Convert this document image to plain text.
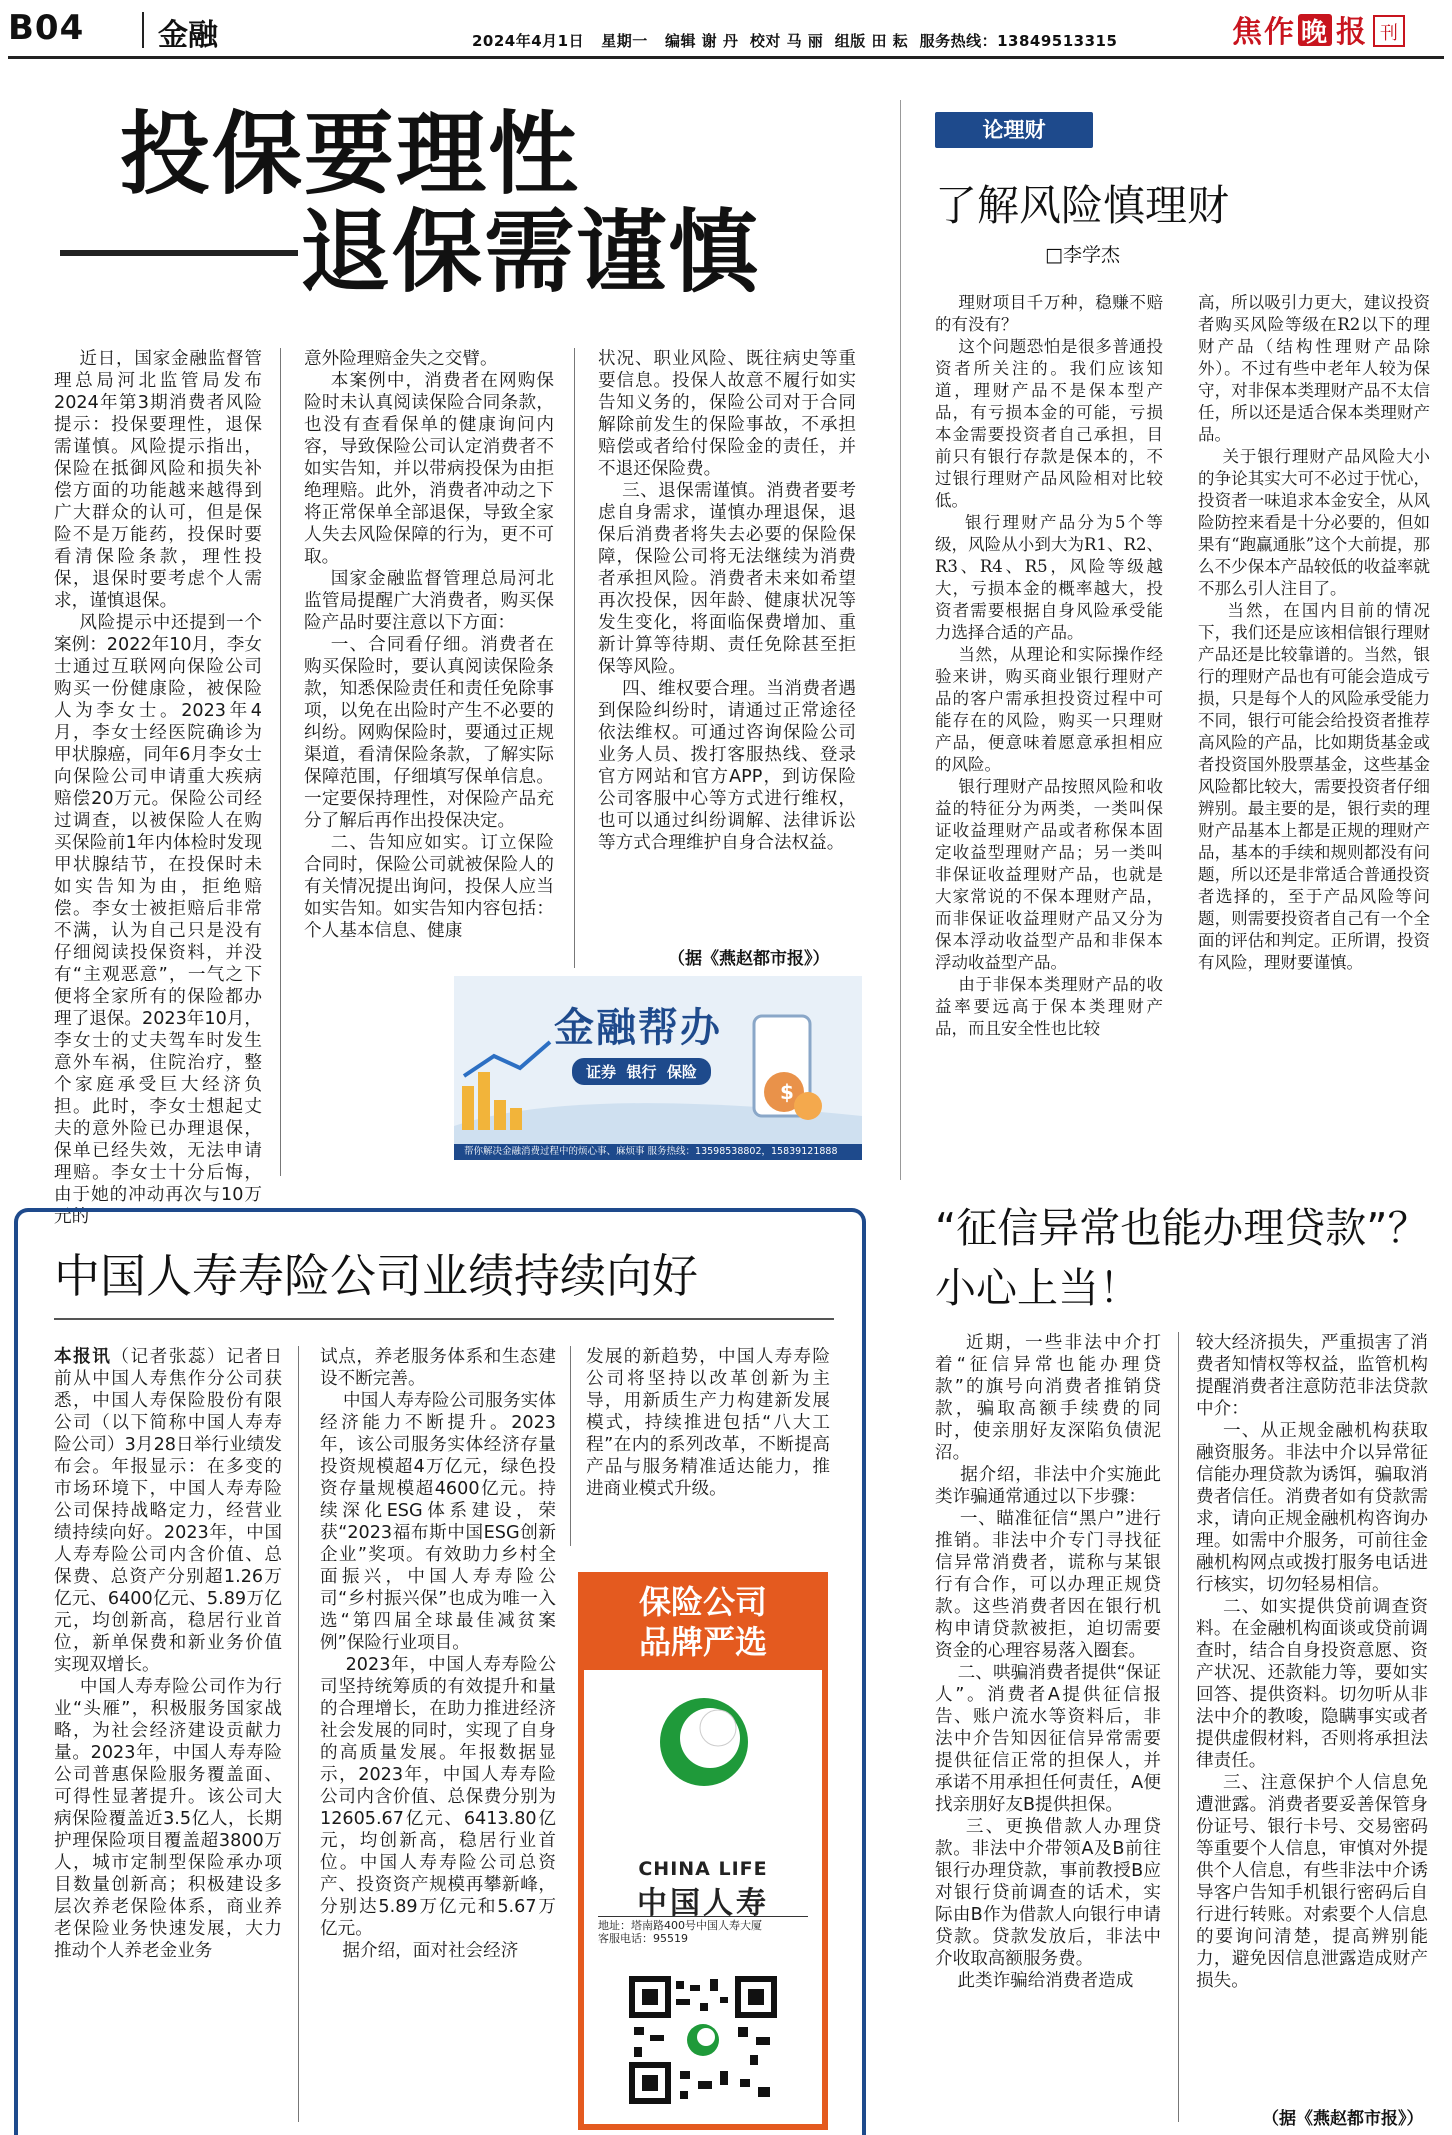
B04 金融	2024年4月1日   星期一   编辑 谢 丹  校对 马 丽  组版 田 耘  服务热线：13849513315	焦作 晚 报 刊
投保要理性
退保需谨慎
近日，国家金融监督管理总局河北监管局发布2024年第3期消费者风险提示：投保要理性，退保需谨慎。风险提示指出，保险在抵御风险和损失补偿方面的功能越来越得到广大群众的认可，但是保险不是万能药，投保时要看清保险条款，理性投保，退保时要考虑个人需求，谨慎退保。
风险提示中还提到一个案例：2022年10月，李女士通过互联网向保险公司购买一份健康险，被保险人为李女士。2023年4月，李女士经医院确诊为甲状腺癌，同年6月李女士向保险公司申请重大疾病赔偿20万元。保险公司经过调查，以被保险人在购买保险前1年内体检时发现甲状腺结节，在投保时未如实告知为由，拒绝赔偿。李女士被拒赔后非常不满，认为自己只是没有仔细阅读投保资料，并没有“主观恶意”，一气之下便将全家所有的保险都办理了退保。2023年10月，李女士的丈夫驾车时发生意外车祸，住院治疗，整个家庭承受巨大经济负担。此时，李女士想起丈夫的意外险已办理退保，保单已经失效，无法申请理赔。李女士十分后悔，由于她的冲动再次与10万元的
意外险理赔金失之交臂。
本案例中，消费者在网购保险时未认真阅读保险合同条款，也没有查看保单的健康询问内容，导致保险公司认定消费者不如实告知，并以带病投保为由拒绝理赔。此外，消费者冲动之下将正常保单全部退保，导致全家人失去风险保障的行为，更不可取。
国家金融监督管理总局河北监管局提醒广大消费者，购买保险产品时要注意以下方面：
一、合同看仔细。消费者在购买保险时，要认真阅读保险条款，知悉保险责任和责任免除事项，以免在出险时产生不必要的纠纷。网购保险时，要通过正规渠道，看清保险条款，了解实际保障范围，仔细填写保单信息。一定要保持理性，对保险产品充分了解后再作出投保决定。
二、告知应如实。订立保险合同时，保险公司就被保险人的有关情况提出询问，投保人应当如实告知。如实告知内容包括：个人基本信息、健康
状况、职业风险、既往病史等重要信息。投保人故意不履行如实告知义务的，保险公司对于合同解除前发生的保险事故，不承担赔偿或者给付保险金的责任，并不退还保险费。
三、退保需谨慎。消费者要考虑自身需求，谨慎办理退保，退保后消费者将失去必要的保险保障，保险公司将无法继续为消费者承担风险。消费者未来如希望再次投保，因年龄、健康状况等发生变化，将面临保费增加、重新计算等待期、责任免除甚至拒保等风险。
四、维权要合理。当消费者遇到保险纠纷时，请通过正常途径依法维权。可通过咨询保险公司业务人员、拨打客服热线、登录官方网站和官方APP，到访保险公司客服中心等方式进行维权，也可以通过纠纷调解、法律诉讼等方式合理维护自身合法权益。
（据《燕赵都市报》）
金融帮办
证券  银行  保险
$
帮你解决金融消费过程中的烦心事、麻烦事 服务热线：13598538802，15839121888
论理财
了解风险慎理财
□李学杰
理财项目千万种，稳赚不赔的有没有？
这个问题恐怕是很多普通投资者所关注的。我们应该知道，理财产品不是保本型产品，有亏损本金的可能，亏损本金需要投资者自己承担，目前只有银行存款是保本的，不过银行理财产品风险相对比较低。
银行理财产品分为5个等级，风险从小到大为R1、R2、R3、R4、R5，风险等级越大，亏损本金的概率越大，投资者需要根据自身风险承受能力选择合适的产品。
当然，从理论和实际操作经验来讲，购买商业银行理财产品的客户需承担投资过程中可能存在的风险，购买一只理财产品，便意味着愿意承担相应的风险。
银行理财产品按照风险和收益的特征分为两类，一类叫保证收益理财产品或者称保本固定收益型理财产品；另一类叫非保证收益理财产品，也就是大家常说的不保本理财产品，而非保证收益理财产品又分为保本浮动收益型产品和非保本浮动收益型产品。
由于非保本类理财产品的收益率要远高于保本类理财产品，而且安全性也比较
高，所以吸引力更大，建议投资者购买风险等级在R2以下的理财产品（结构性理财产品除外）。不过有些中老年人较为保守，对非保本类理财产品不太信任，所以还是适合保本类理财产品。
关于银行理财产品风险大小的争论其实大可不必过于忧心，投资者一味追求本金安全，从风险防控来看是十分必要的，但如果有“跑赢通胀”这个大前提，那么不少保本产品较低的收益率就不那么引人注目了。
当然，在国内目前的情况下，我们还是应该相信银行理财产品还是比较靠谱的。当然，银行的理财产品也有可能会造成亏损，只是每个人的风险承受能力不同，银行可能会给投资者推荐高风险的产品，比如期货基金或者投资国外股票基金，这些基金风险都比较大，需要投资者仔细辨别。最主要的是，银行卖的理财产品基本上都是正规的理财产品，基本的手续和规则都没有问题，所以还是非常适合普通投资者选择的，至于产品风险等问题，则需要投资者自己有一个全面的评估和判定。正所谓，投资有风险，理财要谨慎。
中国人寿寿险公司业绩持续向好
本报讯（记者张蕊）记者日前从中国人寿焦作分公司获悉，中国人寿保险股份有限公司（以下简称中国人寿寿险公司）3月28日举行业绩发布会。年报显示：在多变的市场环境下，中国人寿寿险公司保持战略定力，经营业绩持续向好。2023年，中国人寿寿险公司内含价值、总保费、总资产分别超1.26万亿元、6400亿元、5.89万亿元，均创新高，稳居行业首位，新单保费和新业务价值实现双增长。
中国人寿寿险公司作为行业“头雁”，积极服务国家战略，为社会经济建设贡献力量。2023年，中国人寿寿险公司普惠保险服务覆盖面、可得性显著提升。该公司大病保险覆盖近3.5亿人，长期护理保险项目覆盖超3800万人，城市定制型保险承办项目数量创新高；积极建设多层次养老保险体系，商业养老保险业务快速发展，大力推动个人养老金业务
试点，养老服务体系和生态建设不断完善。
中国人寿寿险公司服务实体经济能力不断提升。2023年，该公司服务实体经济存量投资规模超4万亿元，绿色投资存量规模超4600亿元。持续深化ESG体系建设，荣获“2023福布斯中国ESG创新企业”奖项。有效助力乡村全面振兴，中国人寿寿险公司“乡村振兴保”也成为唯一入选“第四届全球最佳减贫案例”保险行业项目。
2023年，中国人寿寿险公司坚持统筹质的有效提升和量的合理增长，在助力推进经济社会发展的同时，实现了自身的高质量发展。年报数据显示，2023年，中国人寿寿险公司内含价值、总保费分别为12605.67亿元、6413.80亿元，均创新高，稳居行业首位。中国人寿寿险公司总资产、投资资产规模再攀新峰，分别达5.89万亿元和5.67万亿元。
据介绍，面对社会经济
发展的新趋势，中国人寿寿险公司将坚持以改革创新为主导，用新质生产力构建新发展模式，持续推进包括“八大工程”在内的系列改革，不断提高产品与服务精准适达能力，推进商业模式升级。
保险公司
品牌严选
CHINA LIFE
中国人寿
地址：塔南路400号中国人寿大厦
客服电话：95519
“征信异常也能办理贷款”？
小心上当！
近期，一些非法中介打着“征信异常也能办理贷款”的旗号向消费者推销贷款，骗取高额手续费的同时，使亲朋好友深陷负债泥沼。
据介绍，非法中介实施此类诈骗通常通过以下步骤：
一、瞄准征信“黑户”进行推销。非法中介专门寻找征信异常消费者，谎称与某银行有合作，可以办理正规贷款。这些消费者因在银行机构申请贷款被拒，迫切需要资金的心理容易落入圈套。
二、哄骗消费者提供“保证人”。消费者A提供征信报告、账户流水等资料后，非法中介告知因征信异常需要提供征信正常的担保人，并承诺不用承担任何责任，A便找亲朋好友B提供担保。
三、更换借款人办理贷款。非法中介带领A及B前往银行办理贷款，事前教授B应对银行贷前调查的话术，实际由B作为借款人向银行申请贷款。贷款发放后，非法中介收取高额服务费。
此类诈骗给消费者造成
较大经济损失，严重损害了消费者知情权等权益，监管机构提醒消费者注意防范非法贷款中介：
一、从正规金融机构获取融资服务。非法中介以异常征信能办理贷款为诱饵，骗取消费者信任。消费者如有贷款需求，请向正规金融机构咨询办理。如需中介服务，可前往金融机构网点或拨打服务电话进行核实，切勿轻易相信。
二、如实提供贷前调查资料。在金融机构面谈或贷前调查时，结合自身投资意愿、资产状况、还款能力等，要如实回答、提供资料。切勿听从非法中介的教唆，隐瞒事实或者提供虚假材料，否则将承担法律责任。
三、注意保护个人信息免遭泄露。消费者要妥善保管身份证号、银行卡号、交易密码等重要个人信息，审慎对外提供个人信息，有些非法中介诱导客户告知手机银行密码后自行进行转账。对索要个人信息的要询问清楚，提高辨别能力，避免因信息泄露造成财产损失。
（据《燕赵都市报》）
